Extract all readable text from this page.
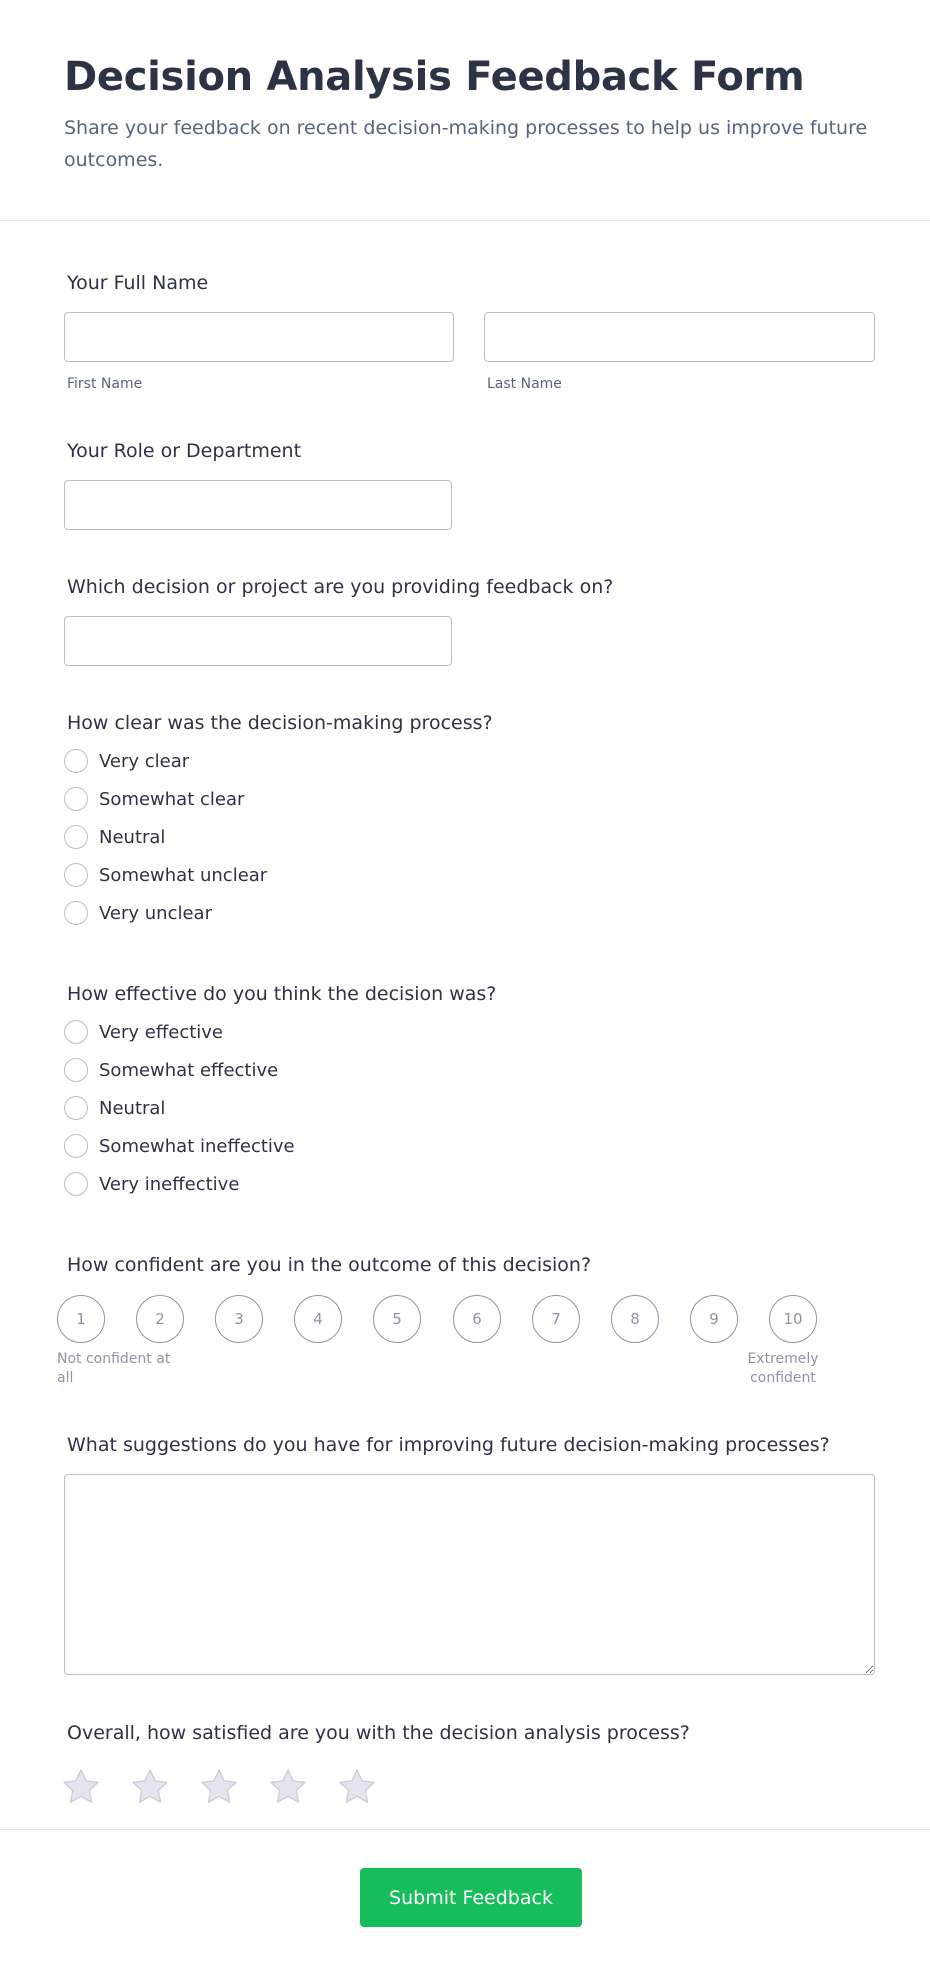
Decision Analysis Feedback Form

Share your feedback on recent decision-making processes to help us improve future outcomes.

Your Full Name
First Name	Last Name
Your Role or Department
Which decision or project are you providing feedback on?
How clear was the decision-making process?
Very clear
Somewhat clear
Neutral
Somewhat unclear
Very unclear
How effective do you think the decision was?
Very effective
Somewhat effective
Neutral
Somewhat ineffective
Very ineffective
How confident are you in the outcome of this decision?
1	2	3	4	5	6	7	8	9	10
Not confident at all
Extremely confident
What suggestions do you have for improving future decision-making processes?
Overall, how satisfied are you with the decision analysis process?
Submit Feedback
